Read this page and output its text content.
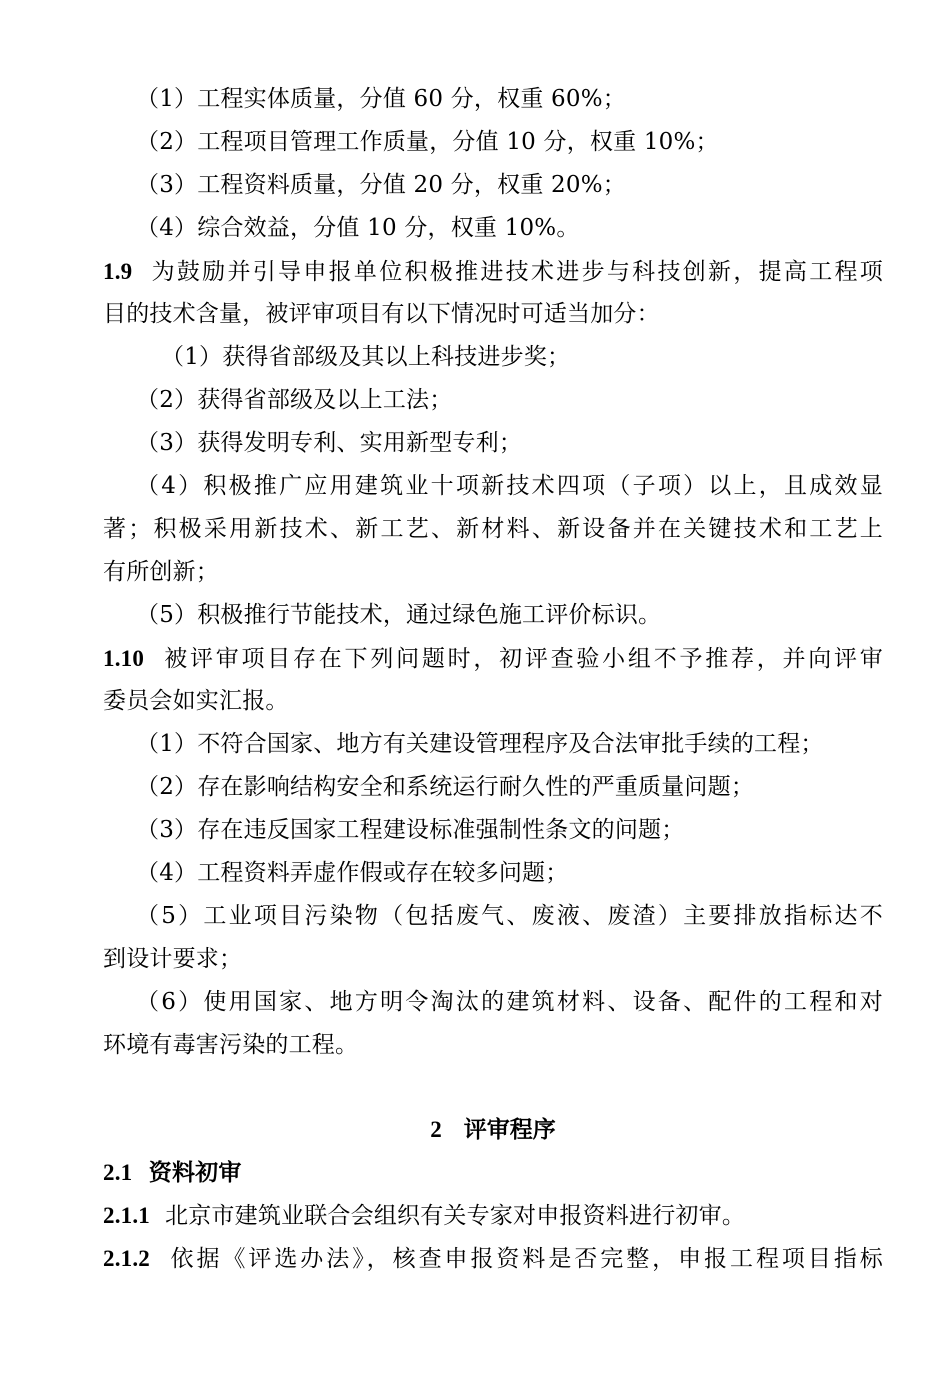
（1）工程实体质量，分值 60 分，权重 60%；
（2）工程项目管理工作质量，分值 10 分，权重 10%；
（3）工程资料质量，分值 20 分，权重 20%；
（4）综合效益，分值 10 分，权重 10%。
1.9 为鼓励并引导申报单位积极推进技术进步与科技创新，提高工程项
目的技术含量，被评审项目有以下情况时可适当加分：
（1）获得省部级及其以上科技进步奖；
（2）获得省部级及以上工法；
（3）获得发明专利、实用新型专利；
（4）积极推广应用建筑业十项新技术四项（子项）以上，且成效显
著；积极采用新技术、新工艺、新材料、新设备并在关键技术和工艺上
有所创新；
（5）积极推行节能技术，通过绿色施工评价标识。
1.10 被评审项目存在下列问题时，初评查验小组不予推荐，并向评审
委员会如实汇报。
（1）不符合国家、地方有关建设管理程序及合法审批手续的工程；
（2）存在影响结构安全和系统运行耐久性的严重质量问题；
（3）存在违反国家工程建设标准强制性条文的问题；
（4）工程资料弄虚作假或存在较多问题；
（5）工业项目污染物（包括废气、废液、废渣）主要排放指标达不
到设计要求；
（6）使用国家、地方明令淘汰的建筑材料、设备、配件的工程和对
环境有毒害污染的工程。
2 评审程序
2.1 资料初审
2.1.1 北京市建筑业联合会组织有关专家对申报资料进行初审。
2.1.2 依据《评选办法》，核查申报资料是否完整，申报工程项目指标
